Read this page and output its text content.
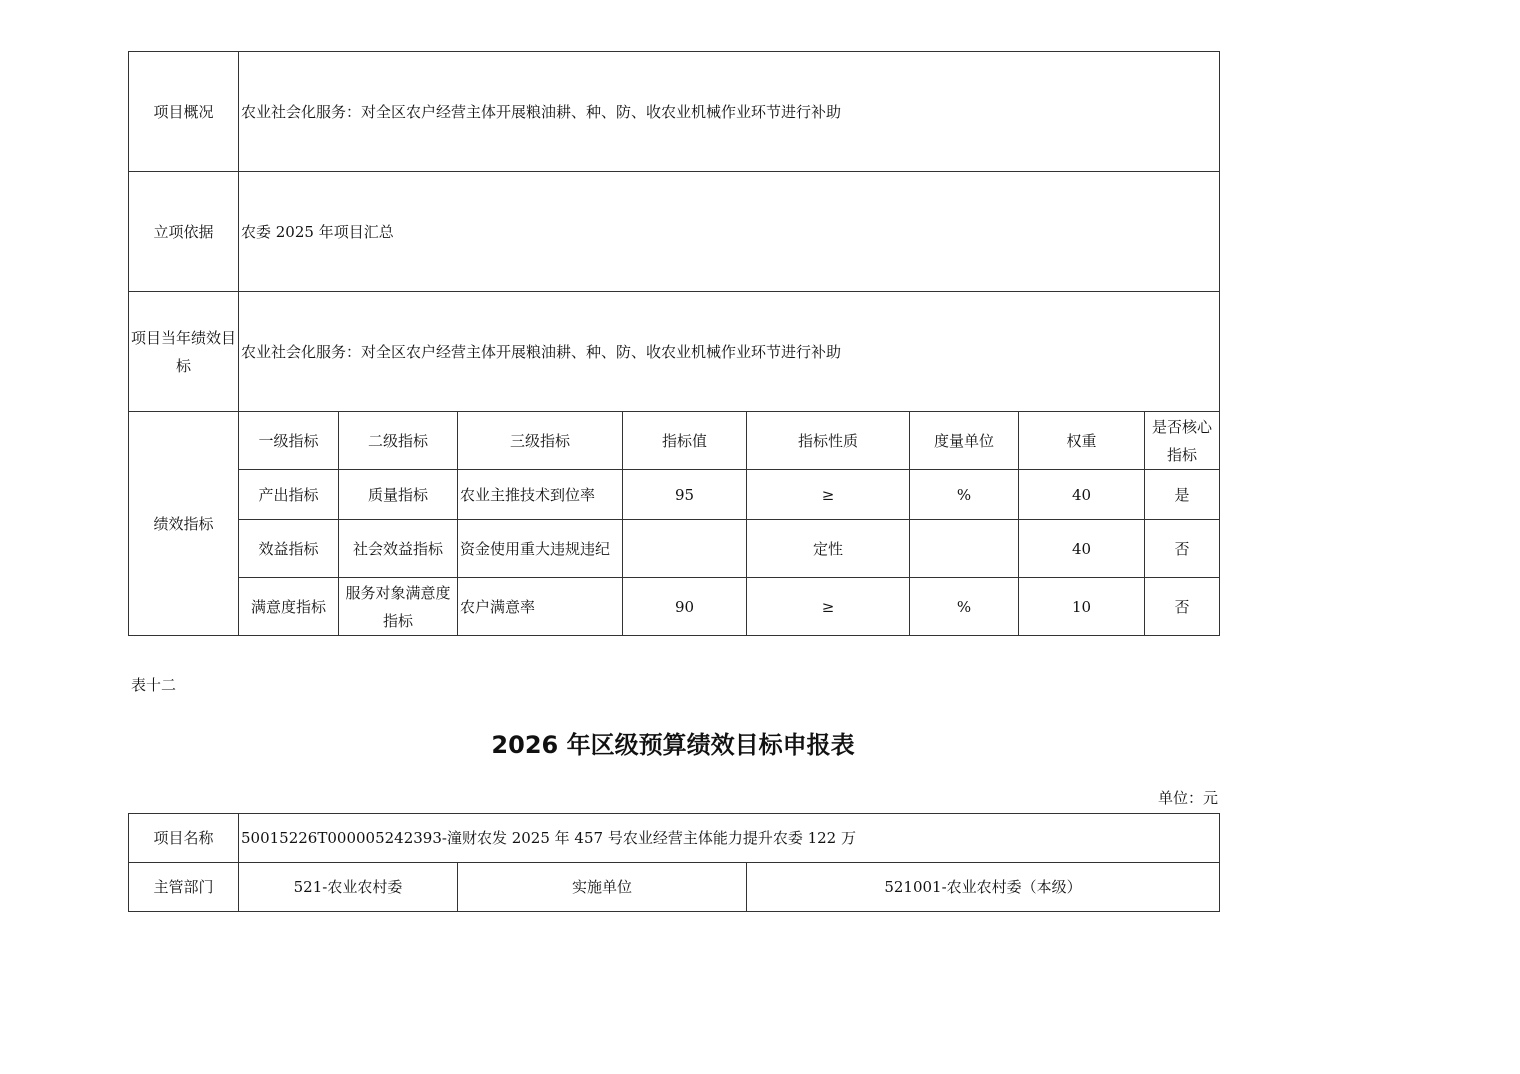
项目概况	农业社会化服务：对全区农户经营主体开展粮油耕、种、防、收农业机械作业环节进行补助							
立项依据	农委 2025 年项目汇总							
项目当年绩效目标	农业社会化服务：对全区农户经营主体开展粮油耕、种、防、收农业机械作业环节进行补助							
绩效指标	一级指标	二级指标	三级指标	指标值	指标性质	度量单位	权重	是否核心指标
	产出指标	质量指标	农业主推技术到位率	95	≥	%	40	是
	效益指标	社会效益指标	资金使用重大违规违纪		定性		40	否
	满意度指标	服务对象满意度指标	农户满意率	90	≥	%	10	否
表十二
2026 年区级预算绩效目标申报表
单位：元
项目名称	50015226T000005242393-潼财农发 2025 年 457 号农业经营主体能力提升农委 122 万		
主管部门	521-农业农村委	实施单位	521001-农业农村委（本级）
